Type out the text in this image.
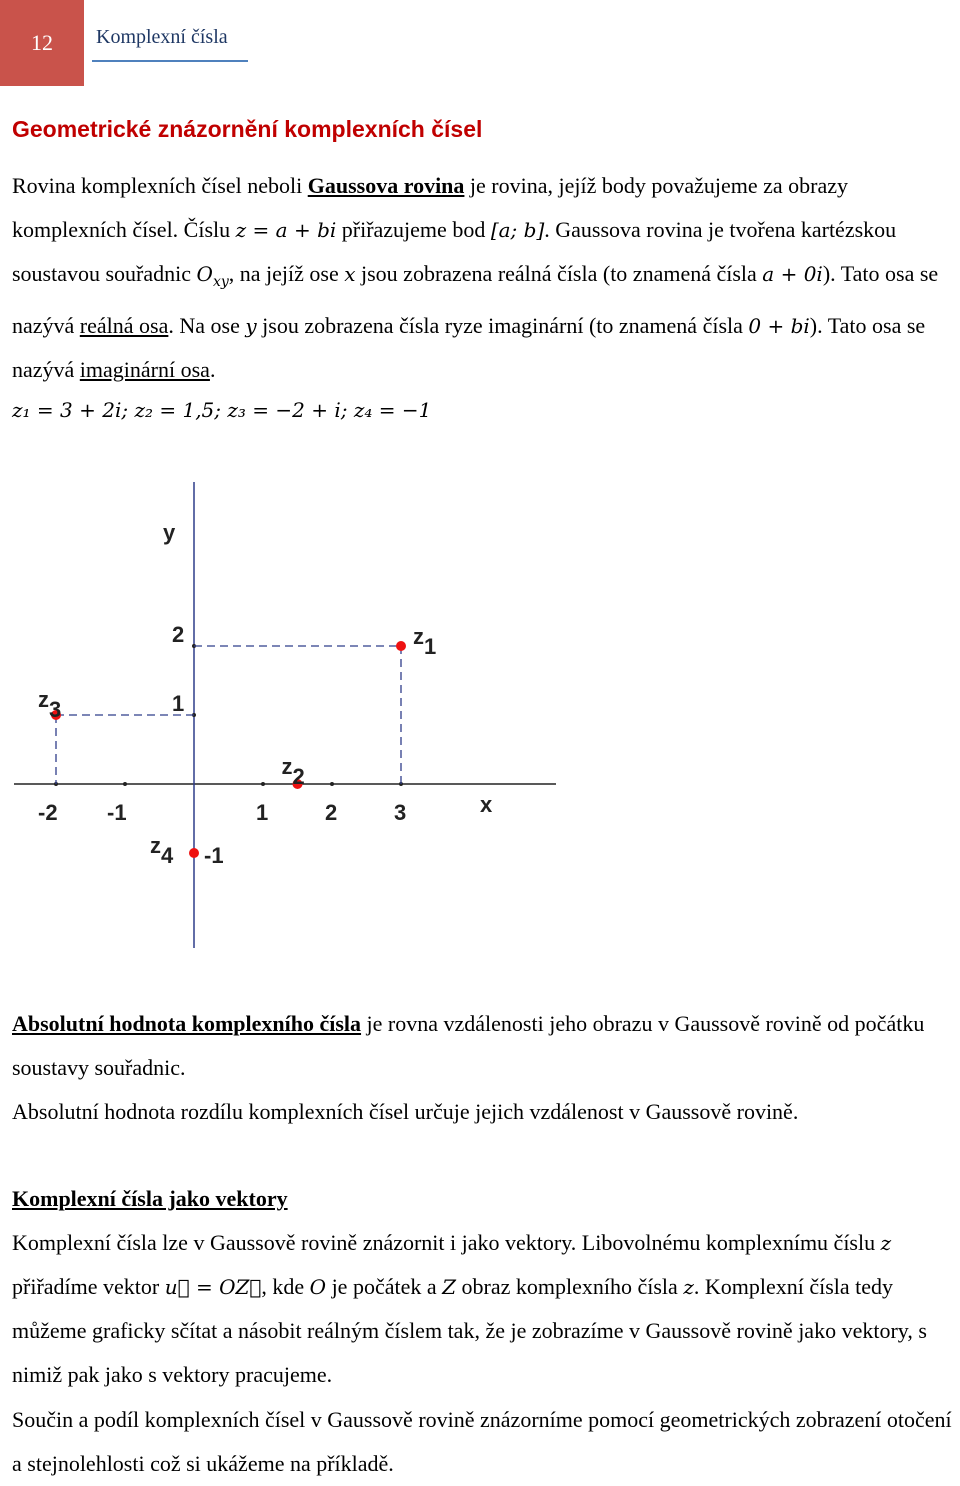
12	Komplexní čísla
Geometrické znázornění komplexních čísel
Rovina komplexních čísel neboli Gaussova rovina je rovina, jejíž body považujeme za obrazy komplexních čísel. Číslu z = a + bi přiřazujeme bod [a; b]. Gaussova rovina je tvořena kartézskou soustavou souřadnic $O_{xy}$, na jejíž ose x jsou zobrazena reálná čísla (to znamená čísla a + 0i). Tato osa se nazývá reálná osa. Na ose y jsou zobrazena čísla ryze imaginární (to znamená čísla 0 + bi). Tato osa se nazývá imaginární osa.
z₁ = 3 + 2i; z₂ = 1,5; z₃ = −2 + i; z₄ = −1
x
y
-2 -1	1	2	3
2
1
-1
z1
z2
z3
z4
Absolutní hodnota komplexního čísla je rovna vzdálenosti jeho obrazu v Gaussově rovině od počátku soustavy souřadnic.
Absolutní hodnota rozdílu komplexních čísel určuje jejich vzdálenost v Gaussově rovině.
Komplexní čísla jako vektory
Komplexní čísla lze v Gaussově rovině znázornit i jako vektory. Libovolnému komplexnímu číslu z přiřadíme vektor u⃗ = OZ⃗, kde O je počátek a Z obraz komplexního čísla z. Komplexní čísla tedy můžeme graficky sčítat a násobit reálným číslem tak, že je zobrazíme v Gaussově rovině jako vektory, s nimiž pak jako s vektory pracujeme.
Součin a podíl komplexních čísel v Gaussově rovině znázorníme pomocí geometrických zobrazení otočení a stejnolehlosti což si ukážeme na příkladě.
